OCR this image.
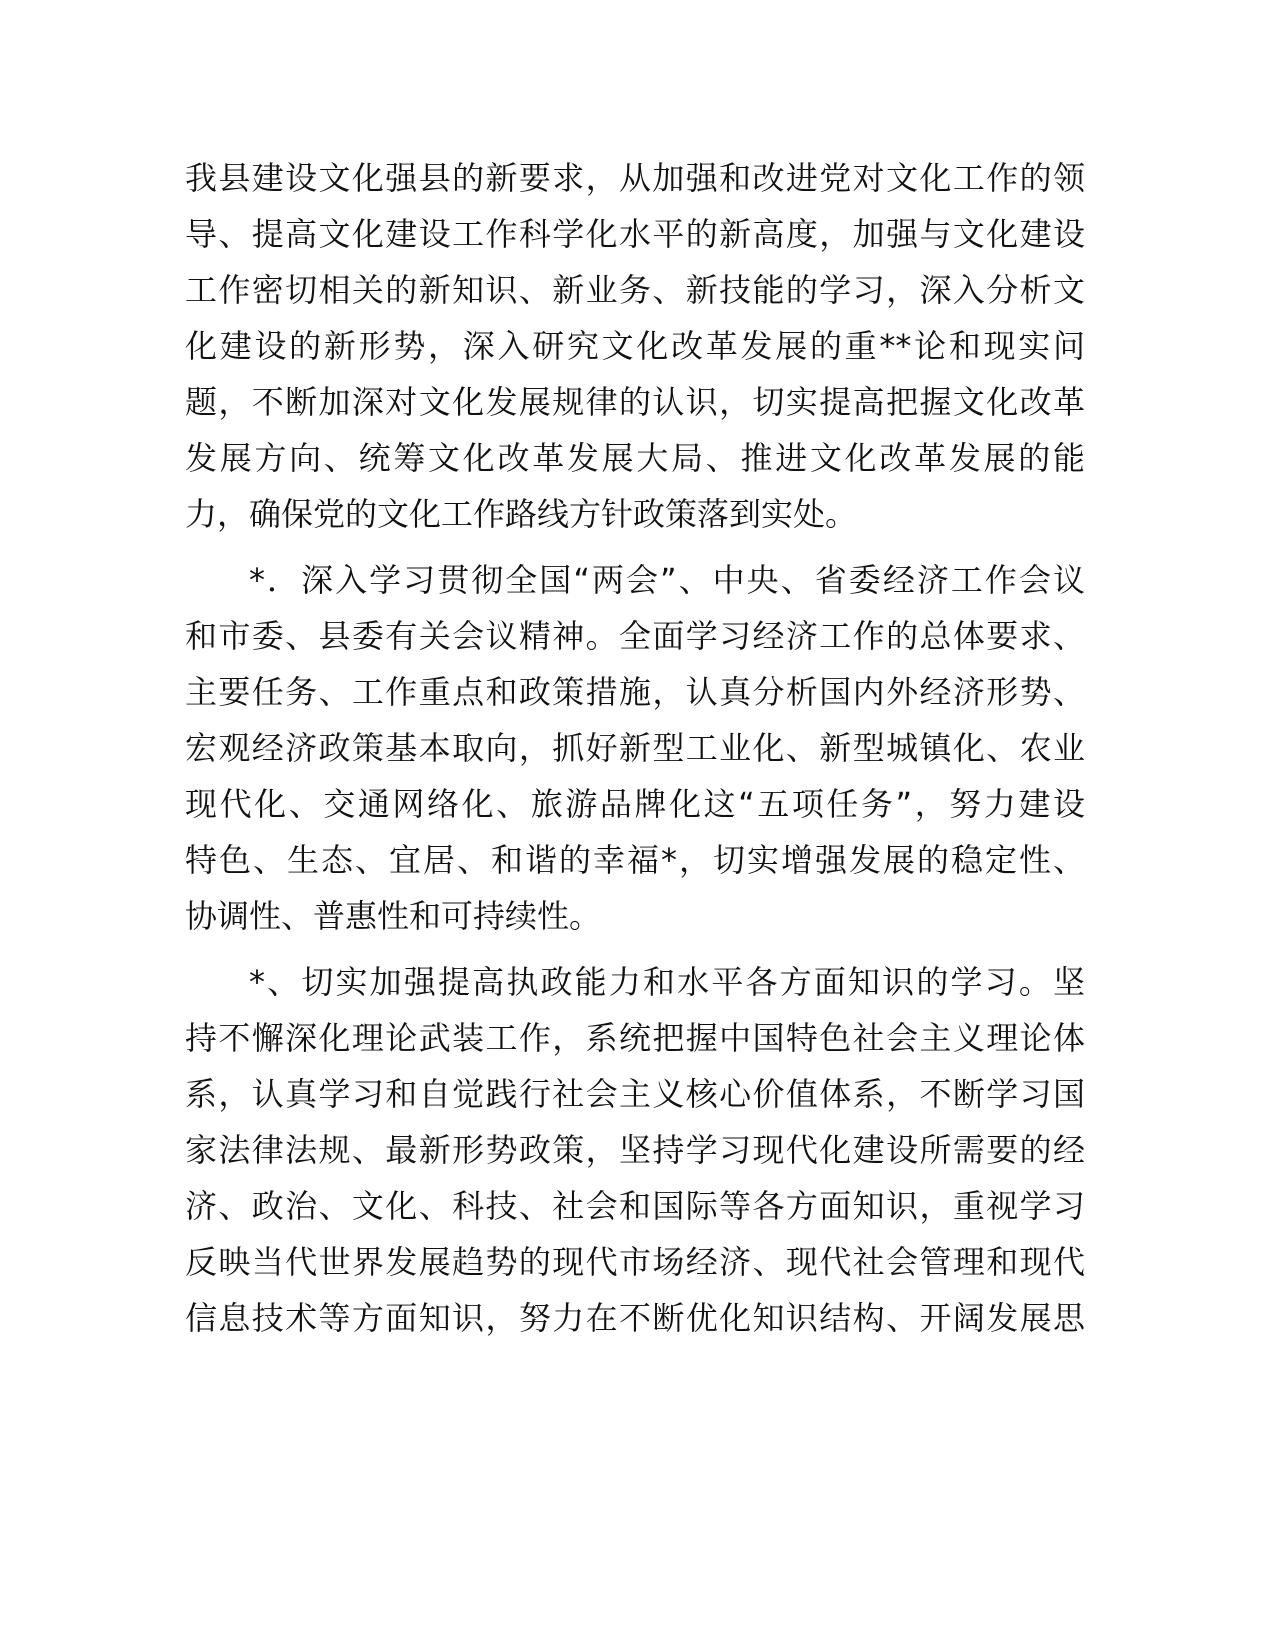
我县建设文化强县的新要求，从加强和改进党对文化工作的领
导、提高文化建设工作科学化水平的新高度，加强与文化建设
工作密切相关的新知识、新业务、新技能的学习，深入分析文
化建设的新形势，深入研究文化改革发展的重**论和现实问
题，不断加深对文化发展规律的认识，切实提高把握文化改革
发展方向、统筹文化改革发展大局、推进文化改革发展的能
力，确保党的文化工作路线方针政策落到实处。
*．深入学习贯彻全国“两会”、中央、省委经济工作会议
和市委、县委有关会议精神。全面学习经济工作的总体要求、
主要任务、工作重点和政策措施，认真分析国内外经济形势、
宏观经济政策基本取向，抓好新型工业化、新型城镇化、农业
现代化、交通网络化、旅游品牌化这“五项任务”，努力建设
特色、生态、宜居、和谐的幸福*，切实增强发展的稳定性、
协调性、普惠性和可持续性。
*、切实加强提高执政能力和水平各方面知识的学习。坚
持不懈深化理论武装工作，系统把握中国特色社会主义理论体
系，认真学习和自觉践行社会主义核心价值体系，不断学习国
家法律法规、最新形势政策，坚持学习现代化建设所需要的经
济、政治、文化、科技、社会和国际等各方面知识，重视学习
反映当代世界发展趋势的现代市场经济、现代社会管理和现代
信息技术等方面知识，努力在不断优化知识结构、开阔发展思
